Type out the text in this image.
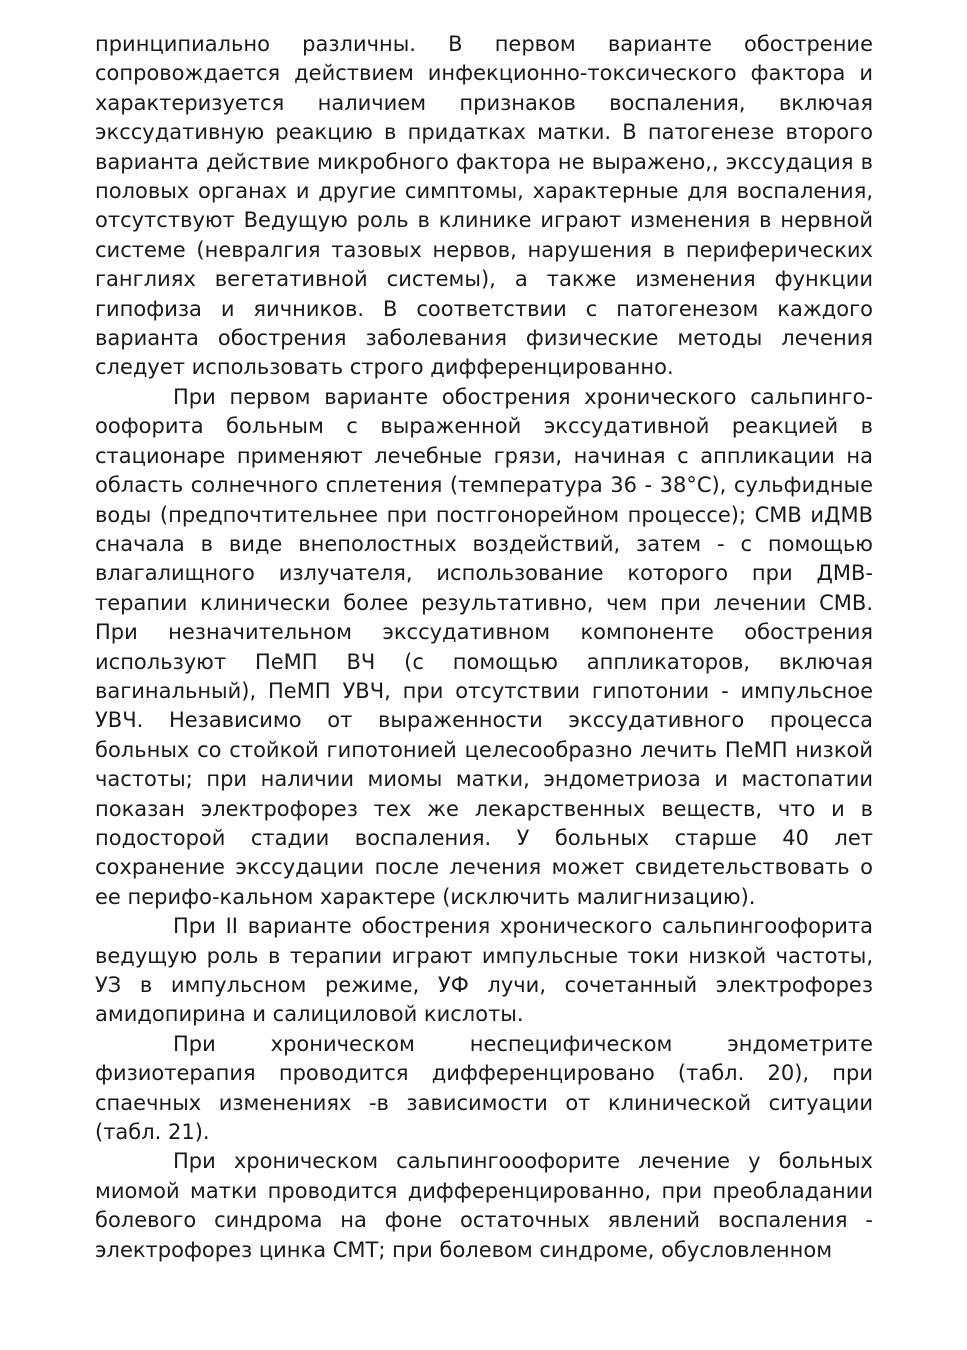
принципиально различны. В первом варианте обострение сопровождается действием инфекционно-токсического фактора и характеризуется наличием признаков воспаления, включая экссудативную реакцию в придатках матки. В патогенезе второго варианта действие микробного фактора не выражено,, экссудация в половых органах и другие симптомы, характерные для воспаления, отсутствуют Ведущую роль в клинике играют изменения в нервной системе (невралгия тазовых нервов, нарушения в периферических ганглиях вегетативной системы), а также изменения функции гипофиза и яичников. В соответствии с патогенезом каждого варианта обострения заболевания физические методы лечения следует использовать строго дифференцированно.

При первом варианте обострения хронического сальпинго-оофорита больным с выраженной экссудативной реакцией в стационаре применяют лечебные грязи, начиная с аппликации на область солнечного сплетения (температура 36 - 38°С), сульфидные воды (предпочтительнее при постгонорейном процессе); СМВ иДМВ сначала в виде внеполостных воздействий, затем - с помощью влагалищного излучателя, использование которого при ДМВ-терапии клинически более результативно, чем при лечении СМВ. При незначительном экссудативном компоненте обострения используют ПеМП ВЧ (с помощью аппликаторов, включая вагинальный), ПеМП УВЧ, при отсутствии гипотонии - импульсное УВЧ. Независимо от выраженности экссудативного процесса больных со стойкой гипотонией целесообразно лечить ПеМП низкой частоты; при наличии миомы матки, эндометриоза и мастопатии показан электрофорез тех же лекарственных веществ, что и в подосторой стадии воспаления. У больных старше 40 лет сохранение экссудации после лечения может свидетельствовать о ее перифо-кальном характере (исключить малигнизацию).

При II варианте обострения хронического сальпингоофорита ведущую роль в терапии играют импульсные токи низкой частоты, УЗ в импульсном режиме, УФ лучи, сочетанный электрофорез амидопирина и салициловой кислоты.

При хроническом неспецифическом эндометрите физиотерапия проводится дифференцировано (табл. 20), при спаечных изменениях -в зависимости от клинической ситуации (табл. 21).

При хроническом сальпингооофорите лечение у больных миомой матки проводится дифференцированно, при преобладании болевого синдрома на фоне остаточных явлений воспаления - электрофорез цинка СМТ; при болевом синдроме, обусловленном
